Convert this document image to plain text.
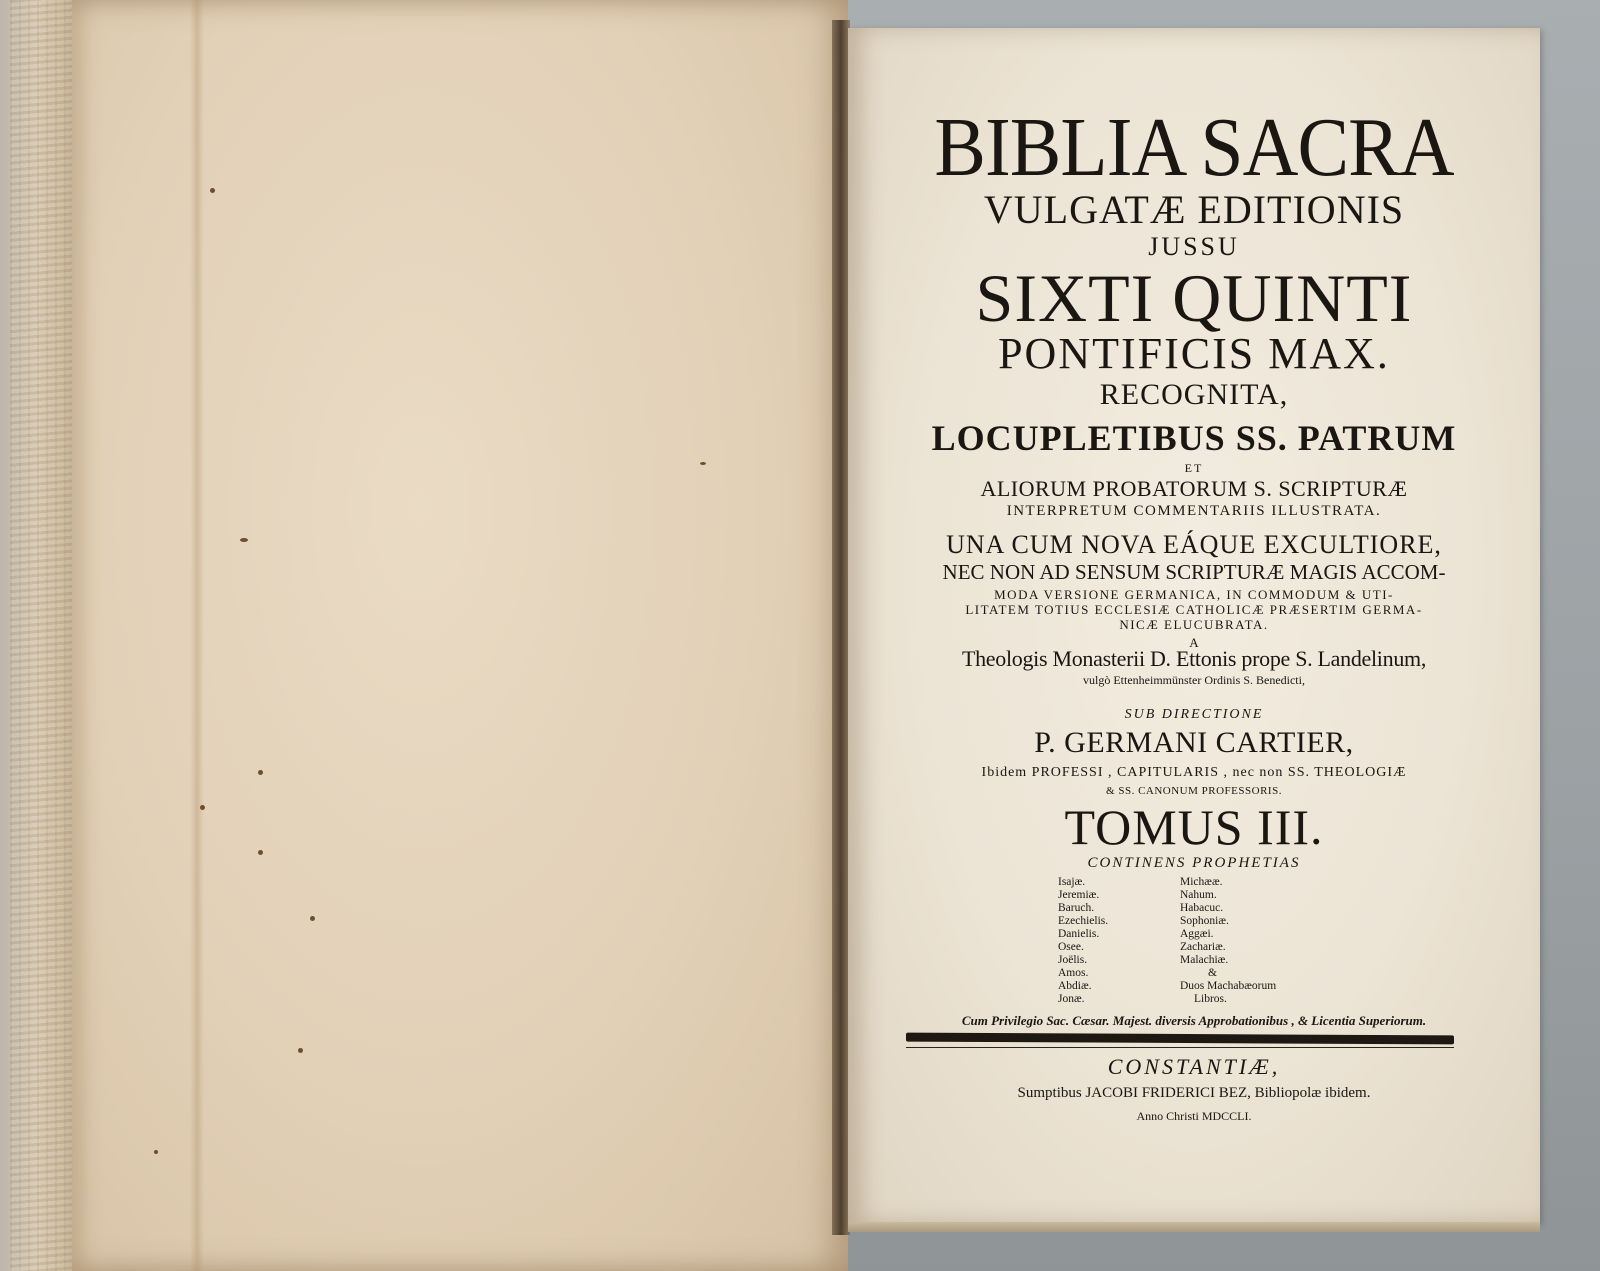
BIBLIA SACRA
VULGATÆ EDITIONIS
JUSSU
SIXTI QUINTI
PONTIFICIS MAX.
RECOGNITA,
LOCUPLETIBUS SS. PATRUM
ET
ALIORUM PROBATORUM S. SCRIPTURÆ
INTERPRETUM COMMENTARIIS ILLUSTRATA.
UNA CUM NOVA EÁQUE EXCULTIORE,
NEC NON AD SENSUM SCRIPTURÆ MAGIS ACCOM-
MODA VERSIONE GERMANICA, IN COMMODUM & UTI-
LITATEM TOTIUS ECCLESIÆ CATHOLICÆ PRÆSERTIM GERMA-
NICÆ ELUCUBRATA.
A
Theologis Monasterii D. Ettonis prope S. Landelinum,
vulgò Ettenheimmünster Ordinis S. Benedicti,
SUB DIRECTIONE
P. GERMANI CARTIER,
Ibidem PROFESSI , CAPITULARIS , nec non SS. THEOLOGIÆ
& SS. CANONUM PROFESSORIS.
TOMUS III.
CONTINENS PROPHETIAS
Isajæ.
Jeremiæ.
Baruch.
Ezechielis.
Danielis.
Osee.
Joëlis.
Amos.
Abdiæ.
Jonæ.
Michææ.
Nahum.
Habacuc.
Sophoniæ.
Aggæi.
Zachariæ.
Malachiæ.
&
Duos Machabæorum
Libros.
Cum Privilegio Sac. Cæsar. Majest. diversis Approbationibus , & Licentia Superiorum.
CONSTANTIÆ,
Sumptibus JACOBI FRIDERICI BEZ, Bibliopolæ ibidem.
Anno Christi MDCCLI.
